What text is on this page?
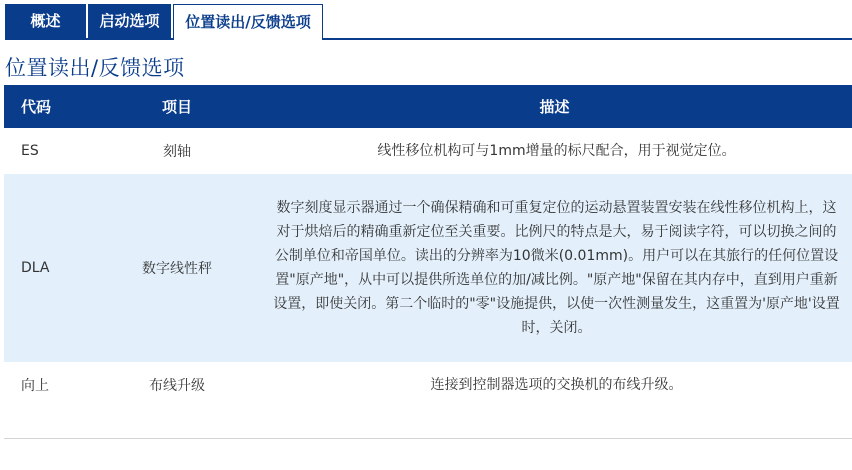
概述	启动选项	位置读出/反馈选项
位置读出/反馈选项
代码	项目	描述
ES	刻轴	线性移位机构可与1mm增量的标尺配合，用于视觉定位。
DLA	数字线性秤	数字刻度显示器通过一个确保精确和可重复定位的运动悬置装置安装在线性移位机构上，这对于烘焙后的精确重新定位至关重要。比例尺的特点是大，易于阅读字符，可以切换之间的公制单位和帝国单位。读出的分辨率为10微米(0.01mm)。用户可以在其旅行的任何位置设置"原产地"，从中可以提供所选单位的加/减比例。"原产地"保留在其内存中，直到用户重新设置，即使关闭。第二个临时的"零"设施提供，以使一次性测量发生，这重置为'原产地'设置时，关闭。
向上	布线升级	连接到控制器选项的交换机的布线升级。
